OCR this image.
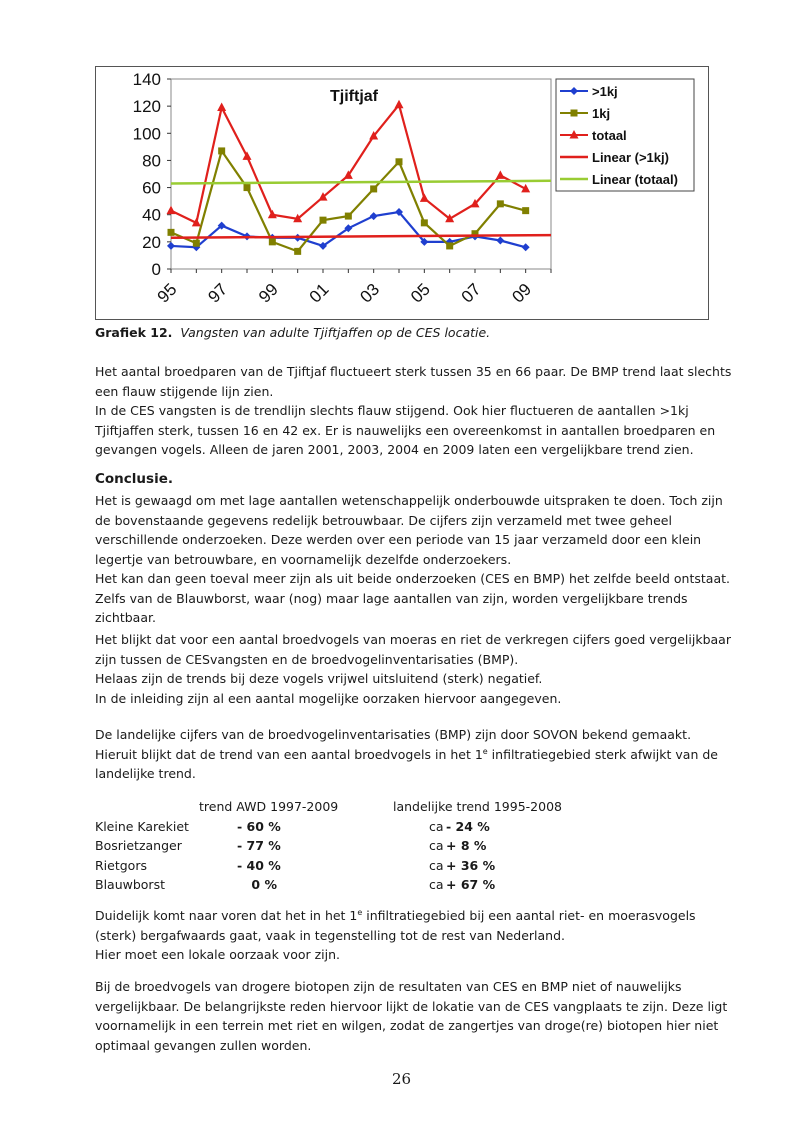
0
20
40
60
80
100
120
140
95 97 99 01 03 05 07 09
Tjiftjaf	>1kj
1kj
totaal
Linear (>1kj)
Linear (totaal)
Grafiek 12. Vangsten van adulte Tjiftjaffen op de CES locatie.
Het aantal broedparen van de Tjiftjaf fluctueert sterk tussen 35 en 66 paar. De BMP trend laat slechts
een flauw stijgende lijn zien.
In de CES vangsten is de trendlijn slechts flauw stijgend. Ook hier fluctueren de aantallen >1kj
Tjiftjaffen sterk, tussen 16 en 42 ex. Er is nauwelijks een overeenkomst in aantallen broedparen en
gevangen vogels. Alleen de jaren 2001, 2003, 2004 en 2009 laten een vergelijkbare trend zien.
Conclusie.
Het is gewaagd om met lage aantallen wetenschappelijk onderbouwde uitspraken te doen. Toch zijn
de bovenstaande gegevens redelijk betrouwbaar. De cijfers zijn verzameld met twee geheel
verschillende onderzoeken. Deze werden over een periode van 15 jaar verzameld door een klein
legertje van betrouwbare, en voornamelijk dezelfde onderzoekers.
Het kan dan geen toeval meer zijn als uit beide onderzoeken (CES en BMP) het zelfde beeld ontstaat.
Zelfs van de Blauwborst, waar (nog) maar lage aantallen van zijn, worden vergelijkbare trends
zichtbaar.
Het blijkt dat voor een aantal broedvogels van moeras en riet de verkregen cijfers goed vergelijkbaar
zijn tussen de CESvangsten en de broedvogelinventarisaties (BMP).
Helaas zijn de trends bij deze vogels vrijwel uitsluitend (sterk) negatief.
In de inleiding zijn al een aantal mogelijke oorzaken hiervoor aangegeven.
De landelijke cijfers van de broedvogelinventarisaties (BMP) zijn door SOVON bekend gemaakt.
Hieruit blijkt dat de trend van een aantal broedvogels in het 1e infiltratiegebied sterk afwijkt van de
landelijke trend.
trend AWD 1997-2009	landelijke trend 1995-2008
Kleine Karekiet	- 60 %	ca - 24 %
Bosrietzanger	- 77 %	ca + 8 %
Rietgors	- 40 %	ca + 36 %
Blauwborst	0 %	ca + 67 %
Duidelijk komt naar voren dat het in het 1e infiltratiegebied bij een aantal riet- en moerasvogels
(sterk) bergafwaards gaat, vaak in tegenstelling tot de rest van Nederland.
Hier moet een lokale oorzaak voor zijn.
Bij de broedvogels van drogere biotopen zijn de resultaten van CES en BMP niet of nauwelijks
vergelijkbaar. De belangrijkste reden hiervoor lijkt de lokatie van de CES vangplaats te zijn. Deze ligt
voornamelijk in een terrein met riet en wilgen, zodat de zangertjes van droge(re) biotopen hier niet
optimaal gevangen zullen worden.
26
